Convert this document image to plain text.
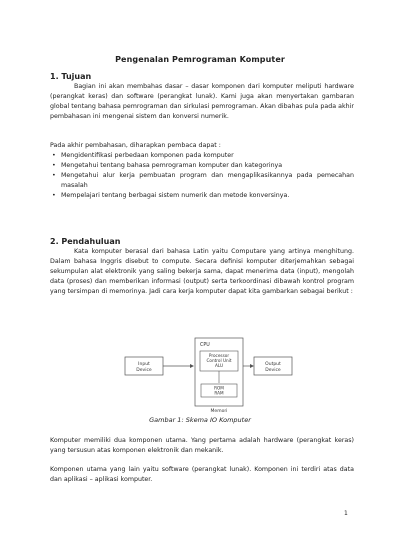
Pengenalan Pemrograman Komputer
1. Tujuan
Bagian ini akan membahas dasar – dasar komponen dari komputer meliputi hardware (perangkat keras) dan software (perangkat lunak). Kami juga akan menyertakan gambaran global tentang bahasa pemrograman dan sirkulasi pemrograman. Akan dibahas pula pada akhir pembahasan ini mengenai sistem dan konversi numerik.
Pada akhir pembahasan, diharapkan pembaca dapat :
• Mengidentifikasi perbedaan komponen pada komputer
• Mengetahui tentang bahasa pemrograman komputer dan kategorinya
• Mengetahui alur kerja pembuatan program dan mengaplikasikannya pada pemecahan masalah
• Mempelajari tentang berbagai sistem numerik dan metode konversinya.
2. Pendahuluan
Kata komputer berasal dari bahasa Latin yaitu Computare yang artinya menghitung. Dalam bahasa Inggris disebut to compute. Secara definisi komputer diterjemahkan sebagai sekumpulan alat elektronik yang saling bekerja sama, dapat menerima data (input), mengolah data (proses) dan memberikan informasi (output) serta terkoordinasi dibawah kontrol program yang tersimpan di memorinya. Jadi cara kerja komputer dapat kita gambarkan sebagai berikut :
Input
Device
CPU
Processor
Control Unit
ALU
ROM
RAM
Memori
Output
Device
Gambar 1: Skema IO Komputer
Komputer memiliki dua komponen utama. Yang pertama adalah hardware (perangkat keras) yang tersusun atas komponen elektronik dan mekanik.
Komponen utama yang lain yaitu software (perangkat lunak). Komponen ini terdiri atas data dan aplikasi – aplikasi komputer.
1
